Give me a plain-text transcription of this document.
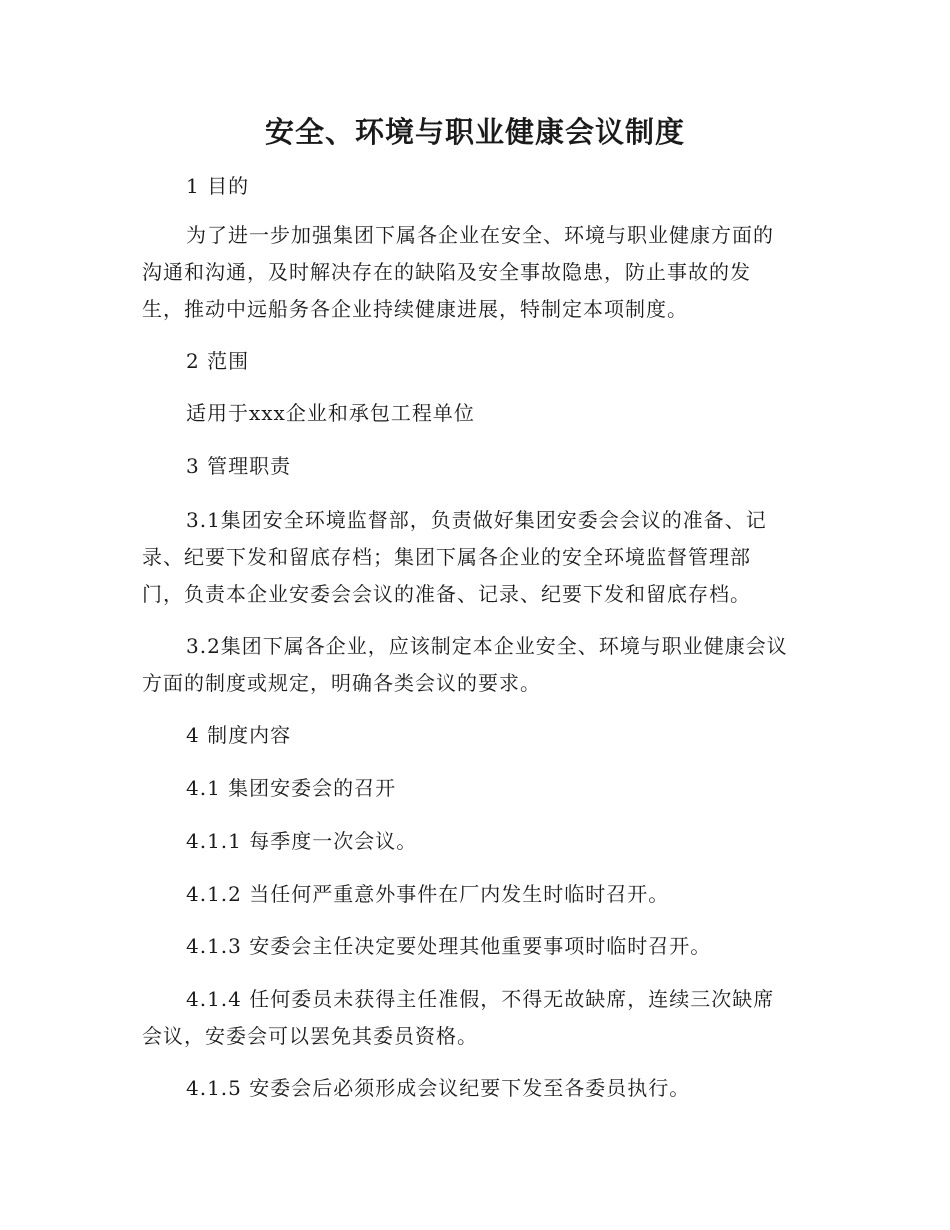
安全、环境与职业健康会议制度

1 目的

为了进一步加强集团下属各企业在安全、环境与职业健康方面的
沟通和沟通，及时解决存在的缺陷及安全事故隐患，防止事故的发
生，推动中远船务各企业持续健康进展，特制定本项制度。

2 范围

适用于xxx企业和承包工程单位

3 管理职责

3.1集团安全环境监督部，负责做好集团安委会会议的准备、记
录、纪要下发和留底存档；集团下属各企业的安全环境监督管理部
门，负责本企业安委会会议的准备、记录、纪要下发和留底存档。

3.2集团下属各企业，应该制定本企业安全、环境与职业健康会议
方面的制度或规定，明确各类会议的要求。

4 制度内容

4.1 集团安委会的召开

4.1.1 每季度一次会议。

4.1.2 当任何严重意外事件在厂内发生时临时召开。

4.1.3 安委会主任决定要处理其他重要事项时临时召开。

4.1.4 任何委员未获得主任准假，不得无故缺席，连续三次缺席
会议，安委会可以罢免其委员资格。

4.1.5 安委会后必须形成会议纪要下发至各委员执行。
